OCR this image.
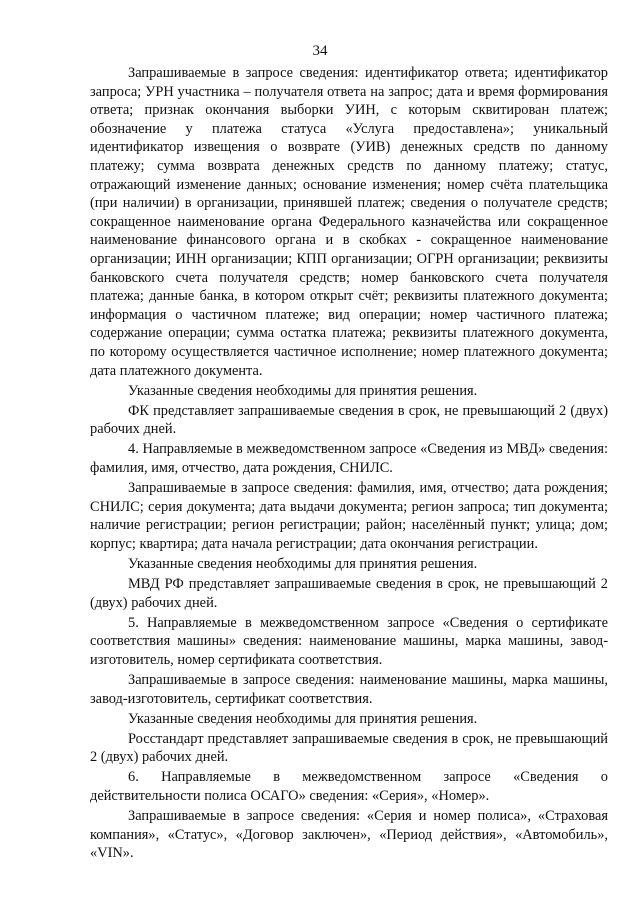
34

Запрашиваемые в запросе сведения: идентификатор ответа; идентификатор запроса; УРН участника – получателя ответа на запрос; дата и время формирования ответа; признак окончания выборки УИН, с которым сквитирован платеж; обозначение у платежа статуса «Услуга предоставлена»; уникальный идентификатор извещения о возврате (УИВ) денежных средств по данному платежу; сумма возврата денежных средств по данному платежу; статус, отражающий изменение данных; основание изменения; номер счёта плательщика (при наличии) в организации, принявшей платеж; сведения о получателе средств; сокращенное наименование органа Федерального казначейства или сокращенное наименование финансового органа и в скобках - сокращенное наименование организации; ИНН организации; КПП организации; ОГРН организации; реквизиты банковского счета получателя средств; номер банковского счета получателя платежа; данные банка, в котором открыт счёт; реквизиты платежного документа; информация о частичном платеже; вид операции; номер частичного платежа; содержание операции; сумма остатка платежа; реквизиты платежного документа, по которому осуществляется частичное исполнение; номер платежного документа; дата платежного документа.

Указанные сведения необходимы для принятия решения.

ФК представляет запрашиваемые сведения в срок, не превышающий 2 (двух) рабочих дней.

4. Направляемые в межведомственном запросе «Сведения из МВД» сведения: фамилия, имя, отчество, дата рождения, СНИЛС.

Запрашиваемые в запросе сведения: фамилия, имя, отчество; дата рождения; СНИЛС; серия документа; дата выдачи документа; регион запроса; тип документа; наличие регистрации; регион регистрации; район; населённый пункт; улица; дом; корпус; квартира; дата начала регистрации; дата окончания регистрации.

Указанные сведения необходимы для принятия решения.

МВД РФ представляет запрашиваемые сведения в срок, не превышающий 2 (двух) рабочих дней.

5. Направляемые в межведомственном запросе «Сведения о сертификате соответствия машины» сведения: наименование машины, марка машины, завод-изготовитель, номер сертификата соответствия.

Запрашиваемые в запросе сведения: наименование машины, марка машины, завод-изготовитель, сертификат соответствия.

Указанные сведения необходимы для принятия решения.

Росстандарт представляет запрашиваемые сведения в срок, не превышающий 2 (двух) рабочих дней.

6. Направляемые в межведомственном запросе «Сведения о действительности полиса ОСАГО» сведения: «Серия», «Номер».

Запрашиваемые в запросе сведения: «Серия и номер полиса», «Страховая компания», «Статус», «Договор заключен», «Период действия», «Автомобиль», «VIN».
